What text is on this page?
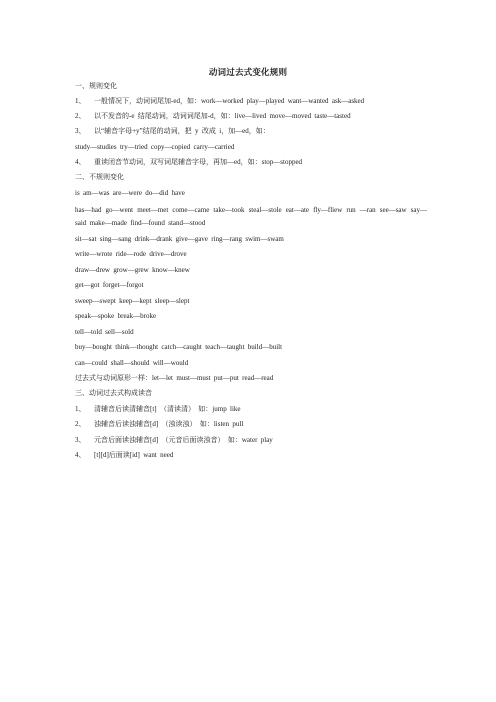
动词过去式变化规则
一、规则变化
1、 一般情况下，动词词尾加-ed，如：work—worked play—played want—wanted ask—asked
2、 以不发音的-e 结尾动词，动词词尾加-d，如：live—lived move—moved taste—tasted
3、 以“辅音字母+y”结尾的动词，把 y 改成 i，加—ed，如：
study—studies try—tried copy—copied carry—carried
4、 重读闭音节动词，双写词尾辅音字母，再加—ed，如：stop—stopped
二、不规则变化
is am—was are—were do—did have
has—had go—went meet—met come—came take—took steal—stole eat—ate fly—fliew run —ran see—saw say—said make—made find—found stand—stood
sit—sat sing—sang drink—drank give—gave ring—rang swim—swam
write—wrote ride—rode drive—drove
draw—drew grow—grew know—knew
get—got forget—forgot
sweep—swept keep—kept sleep—slept
speak—spoke break—broke
tell—told sell—sold
buy—bought think—thought catch—caught teach—taught build—built
can—could shall—should will—would
过去式与动词原形一样：let—let must—must put—put read—read
三、动词过去式构成读音
1、 清辅音后读清辅音[t] （清读清） 如：jump like
2、 浊辅音后读浊辅音[d] （浊读浊） 如：listen pull
3、 元音后面读浊辅音[d] （元音后面读浊音） 如：water play
4、 [t][d]后面读[id] want need
